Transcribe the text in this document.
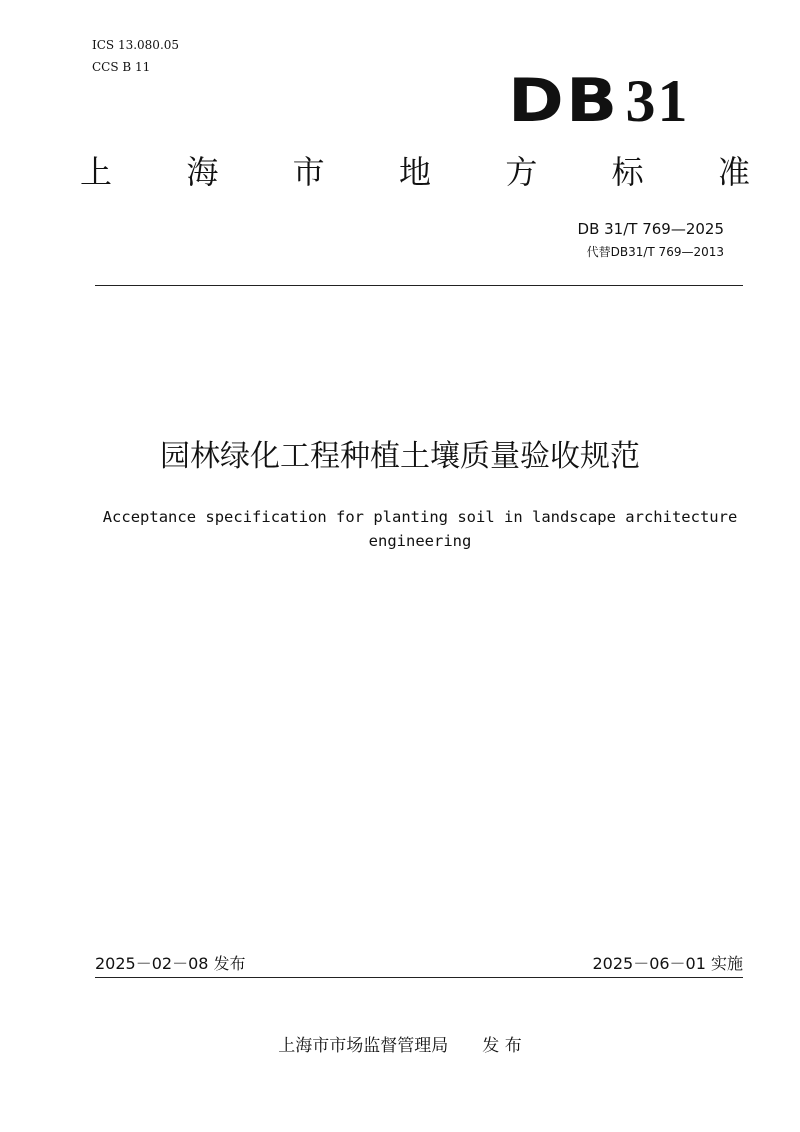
ICS 13.080.05
CCS B 11	DB 31
上 海 市 地 方 标 准
DB 31/T 769—2025
代替DB31/T 769—2013
园林绿化工程种植土壤质量验收规范
Acceptance specification for planting soil in landscape architecture engineering
2025－02－08 发布	2025－06－01 实施
上海市市场监督管理局 发 布
